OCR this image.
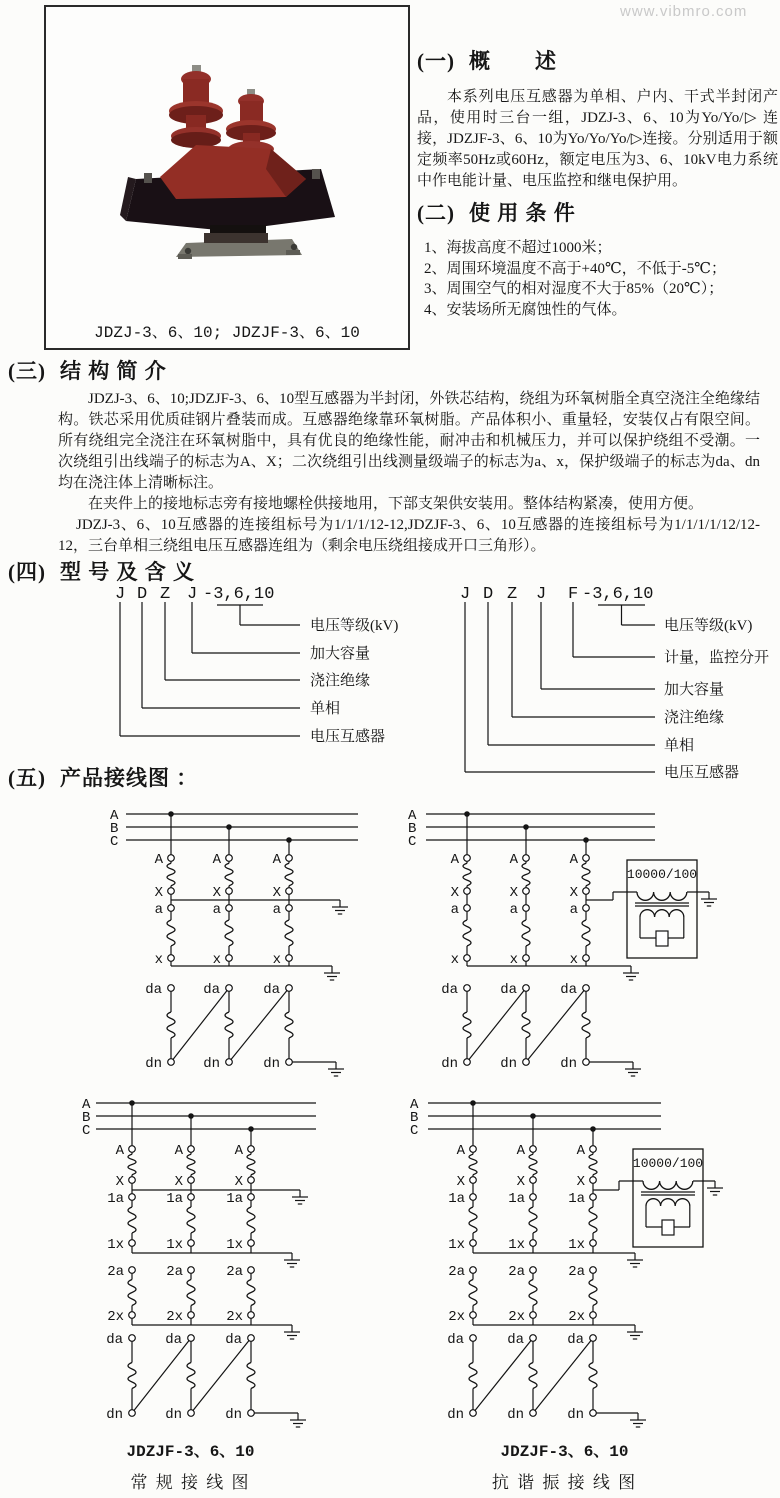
www.vibmro.com
JDZJ-3、6、10; JDZJF-3、6、10
(一) 概　　述

本系列电压互感器为单相、户内、干式半封闭产品，使用时三台一组，JDZJ-3、6、10为Yo/Yo/▷ 连接，JDZJF-3、6、10为Yo/Yo/Yo/▷连接。分别适用于额定频率50Hz或60Hz，额定电压为3、6、10kV电力系统中作电能计量、电压监控和继电保护用。

(二) 使 用 条 件
1、海拔高度不超过1000米；
2、周围环境温度不高于+40℃，不低于-5℃；
3、周围空气的相对湿度不大于85%（20℃）；
4、安装场所无腐蚀性的气体。
(三) 结 构 简 介

JDZJ-3、6、10;JDZJF-3、6、10型互感器为半封闭，外铁芯结构，绕组为环氧树脂全真空浇注全绝缘结构。铁芯采用优质硅钢片叠装而成。互感器绝缘靠环氧树脂。产品体积小、重量轻，安装仅占有限空间。所有绕组完全浇注在环氧树脂中，具有优良的绝缘性能，耐冲击和机械压力，并可以保护绕组不受潮。一次绕组引出线端子的标志为A、X；二次绕组引出线测量级端子的标志为a、x，保护级端子的标志为da、dn均在浇注体上清晰标注。

在夹件上的接地标志旁有接地螺栓供接地用，下部支架供安装用。整体结构紧凑，使用方便。

JDZJ-3、6、10互感器的连接组标号为1/1/1/12-12,JDZJF-3、6、10互感器的连接组标号为1/1/1/1/12/12-12，三台单相三绕组电压互感器连组为（剩余电压绕组接成开口三角形）。

(四) 型 号 及 含 义
J D Z J -3,6,10
电压等级(kV)
加大容量
浇注绝缘
单相
电压互感器
J D Z J F -3,6,10
电压等级(kV)
计量，监控分开
加大容量
浇注绝缘
单相
电压互感器
(五) 产品接线图 ：
A
B
C
A
X
A
X
A
X
a
x
a
x
a
x
da
dn
da
dn
da
dn
A
B
C
A
X
A
X
A
X
a
x
a
x
a
x
da
dn
da
dn
da
dn
10000/100
A
B
C
A
X
A
X
A
X
1a
1x
1a
1x
1a
1x
2a
2x
2a
2x
2a
2x
da
dn
da
dn
da
dn
A
B
C
A
X
A
X
A
X
1a
1x
1a
1x
1a
1x
2a
2x
2a
2x
2a
2x
da
dn
da
dn
da
dn
10000/100
JDZJF-3、6、10
常 规 接 线 图
JDZJF-3、6、10
抗 谐 振 接 线 图
